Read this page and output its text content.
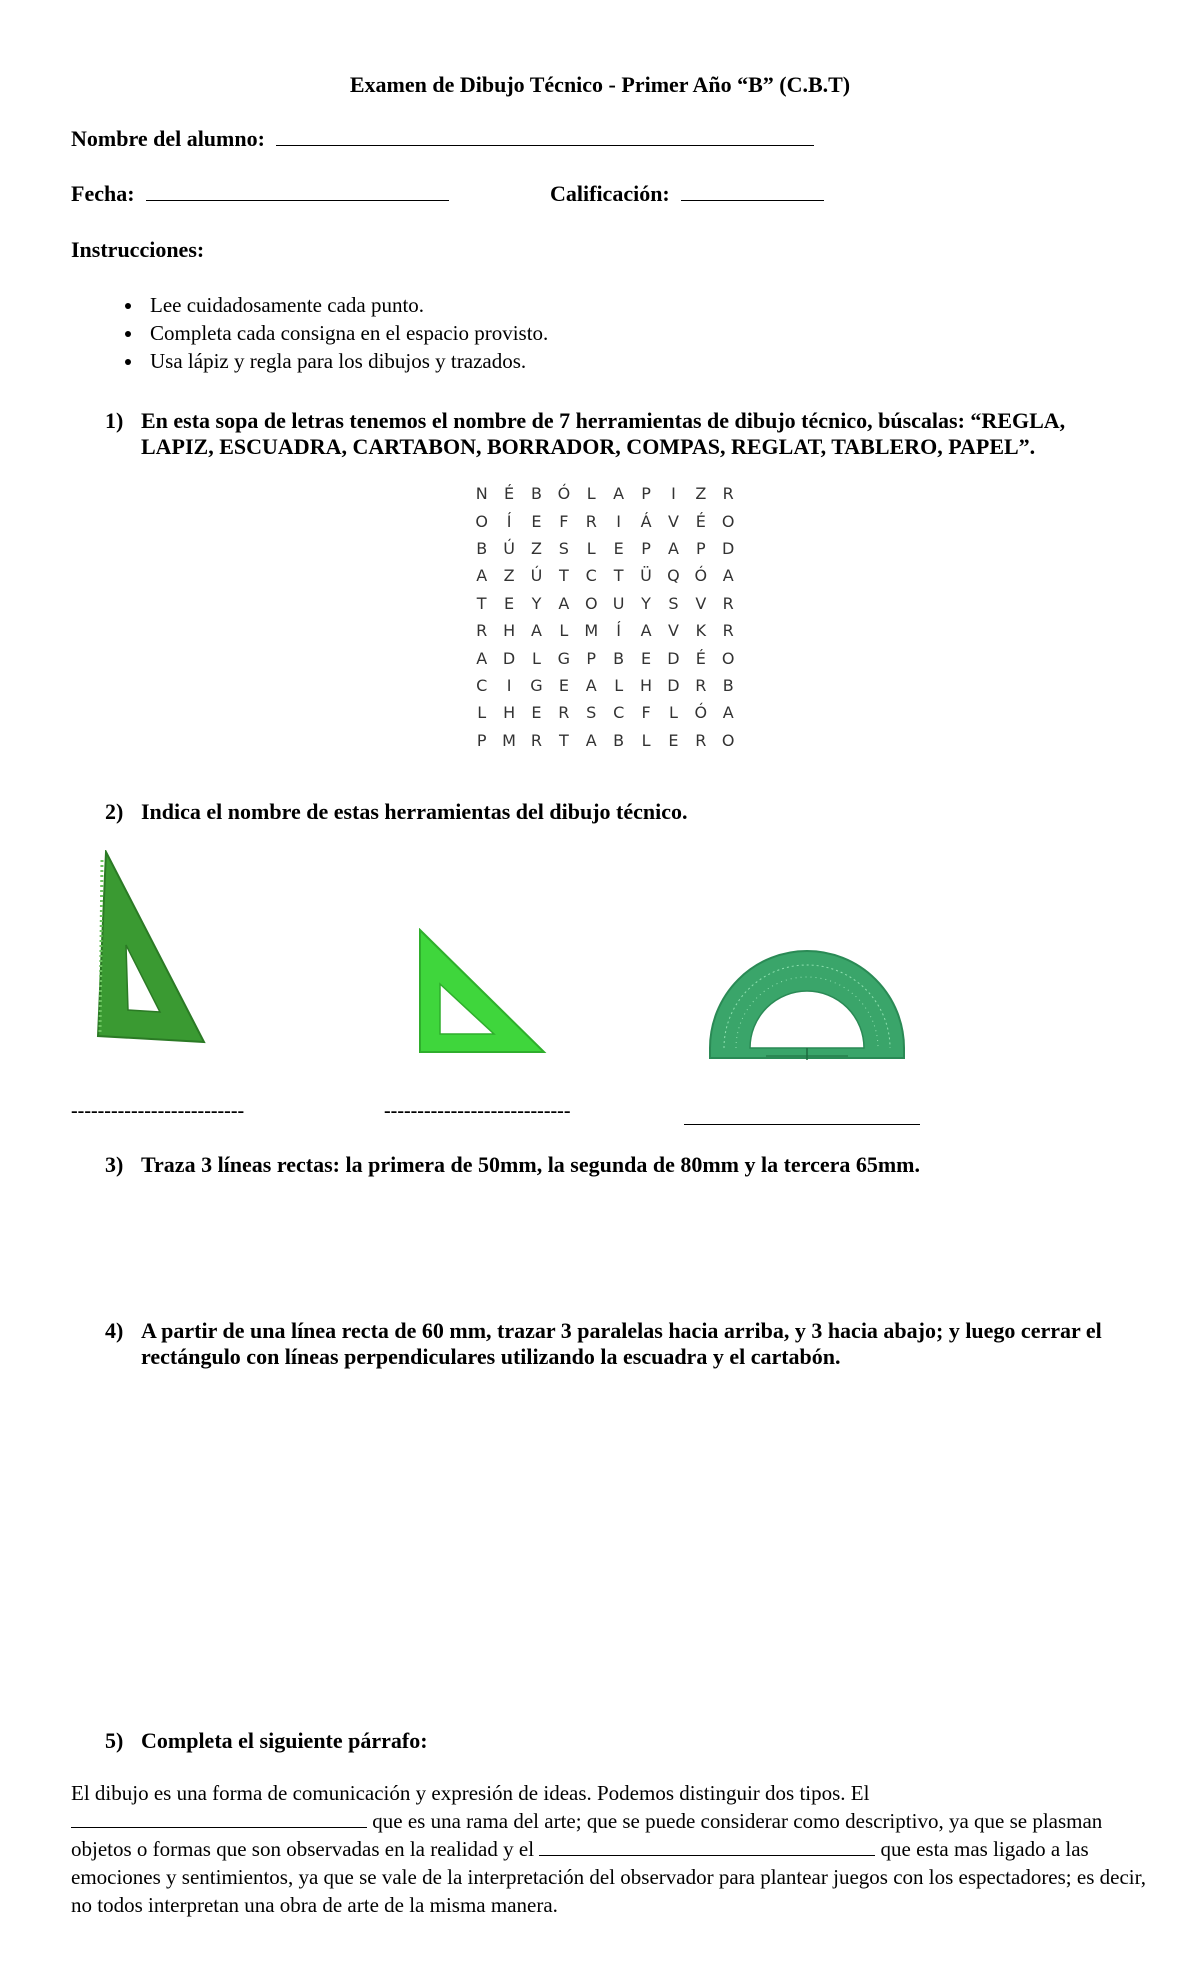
Examen de Dibujo Técnico - Primer Año “B” (C.B.T)
Nombre del alumno:
Fecha:	Calificación:
Instrucciones:
• Lee cuidadosamente cada punto.
• Completa cada consigna en el espacio provisto.
• Usa lápiz y regla para los dibujos y trazados.
1) En esta sopa de letras tenemos el nombre de 7 herramientas de dibujo técnico, búscalas: “REGLA, LAPIZ, ESCUADRA, CARTABON, BORRADOR, COMPAS, REGLAT, TABLERO, PAPEL”.
N	É	B Ó	L	A	P	I	Z	R
O	Í	E	F	R	I	Á	V	É	O
B	Ú	Z	S	L	E	P	A	P	D
A	Z	Ú	T	C	T	Ü Q Ó A
T	E	Y	A O U	Y	S	V	R
R H A	L	M	Í	A	V	K	R
A D	L	G	P	B	E	D	É	O
C	I	G	E	A	L	H D R	B
L	H	E	R	S	C	F	L	Ó A
P M R	T	A	B	L	E	R O
2) Indica el nombre de estas herramientas del dibujo técnico.
--------------------------	----------------------------
3) Traza 3 líneas rectas: la primera de 50mm, la segunda de 80mm y la tercera 65mm.
4) A partir de una línea recta de 60 mm, trazar 3 paralelas hacia arriba, y 3 hacia abajo; y luego cerrar el rectángulo con líneas perpendiculares utilizando la escuadra y el cartabón.
5) Completa el siguiente párrafo:
El dibujo es una forma de comunicación y expresión de ideas. Podemos distinguir dos tipos. El  que es una rama del arte; que se puede considerar como descriptivo, ya que se plasman objetos o formas que son observadas en la realidad y el	que esta mas ligado a las emociones y sentimientos, ya que se vale de la interpretación del observador para plantear juegos con los espectadores; es decir, no todos interpretan una obra de arte de la misma manera.
